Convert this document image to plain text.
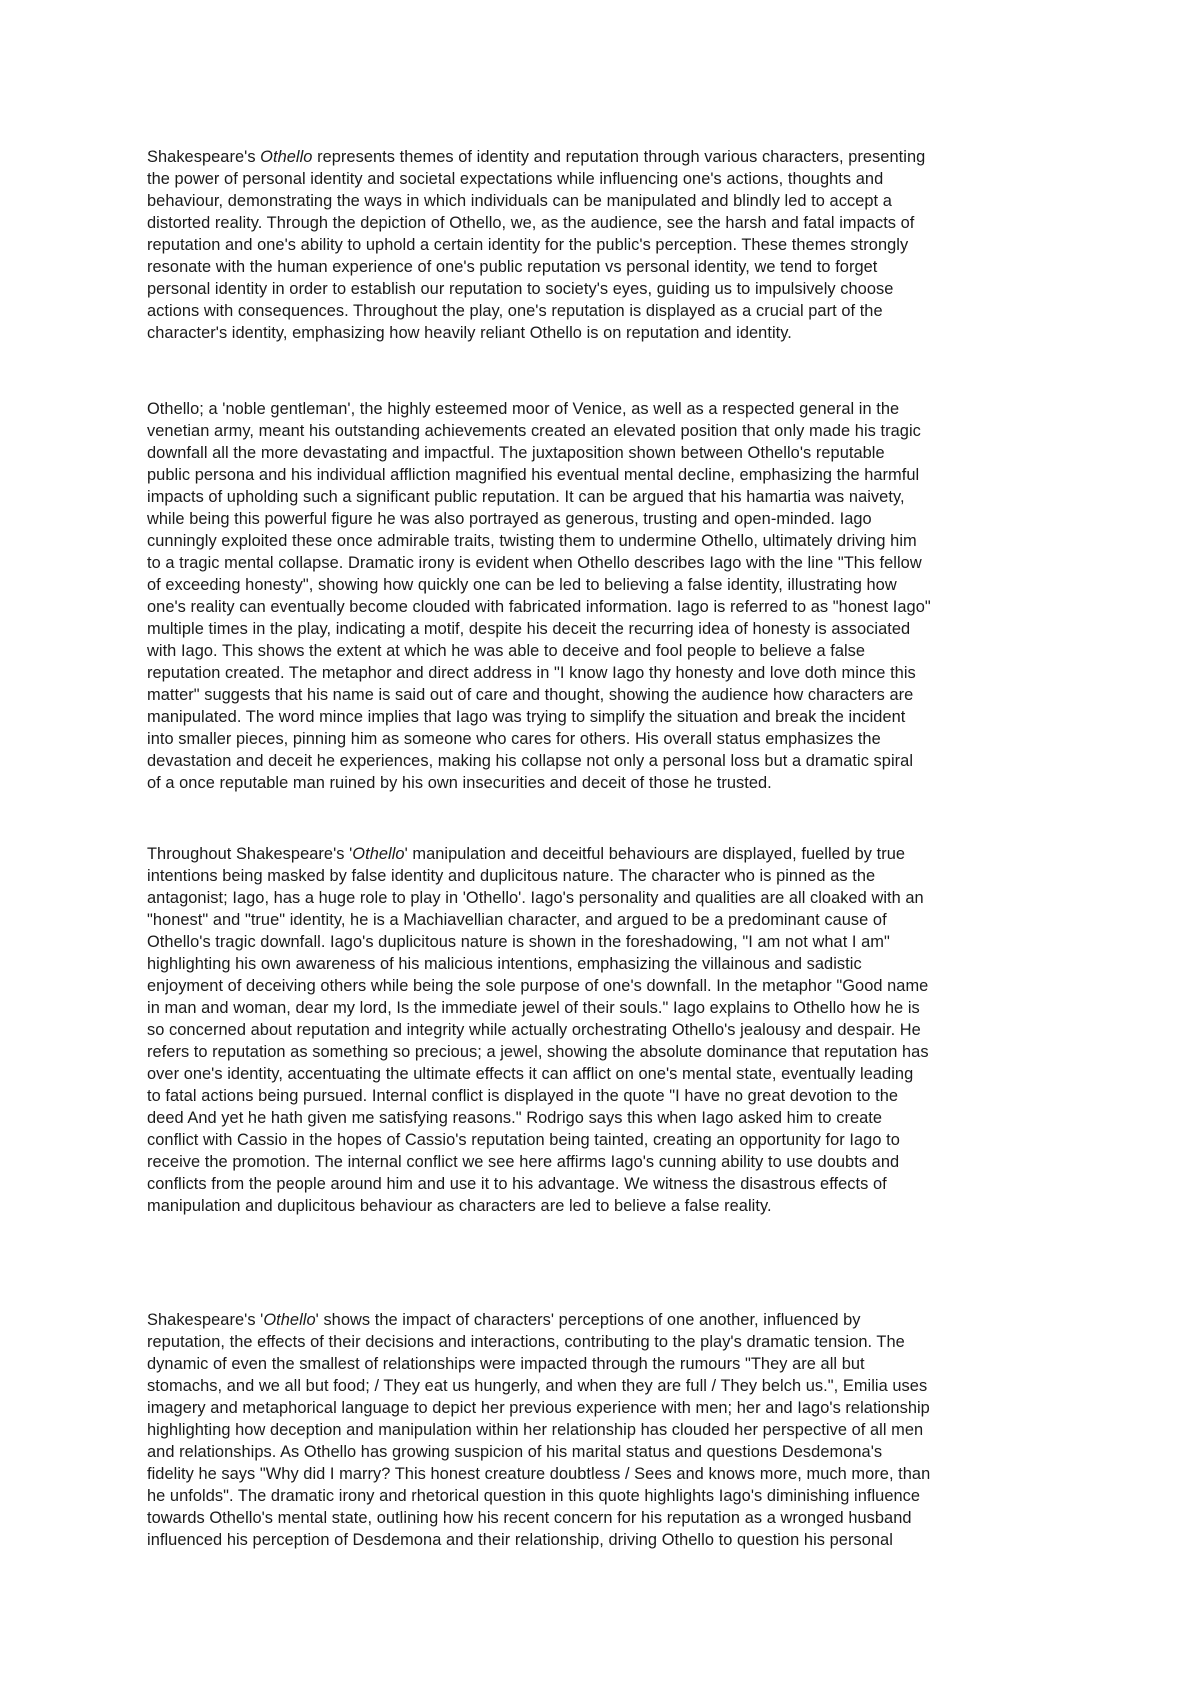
Shakespeare's Othello represents themes of identity and reputation through various characters, presenting
the power of personal identity and societal expectations while influencing one's actions, thoughts and
behaviour, demonstrating the ways in which individuals can be manipulated and blindly led to accept a
distorted reality. Through the depiction of Othello, we, as the audience, see the harsh and fatal impacts of
reputation and one's ability to uphold a certain identity for the public's perception. These themes strongly
resonate with the human experience of one's public reputation vs personal identity, we tend to forget
personal identity in order to establish our reputation to society's eyes, guiding us to impulsively choose
actions with consequences. Throughout the play, one's reputation is displayed as a crucial part of the
character's identity, emphasizing how heavily reliant Othello is on reputation and identity.

Othello; a 'noble gentleman', the highly esteemed moor of Venice, as well as a respected general in the
venetian army, meant his outstanding achievements created an elevated position that only made his tragic
downfall all the more devastating and impactful. The juxtaposition shown between Othello's reputable
public persona and his individual affliction magnified his eventual mental decline, emphasizing the harmful
impacts of upholding such a significant public reputation. It can be argued that his hamartia was naivety,
while being this powerful figure he was also portrayed as generous, trusting and open-minded. Iago
cunningly exploited these once admirable traits, twisting them to undermine Othello, ultimately driving him
to a tragic mental collapse. Dramatic irony is evident when Othello describes Iago with the line "This fellow
of exceeding honesty", showing how quickly one can be led to believing a false identity, illustrating how
one's reality can eventually become clouded with fabricated information. Iago is referred to as "honest Iago"
multiple times in the play, indicating a motif, despite his deceit the recurring idea of honesty is associated
with Iago. This shows the extent at which he was able to deceive and fool people to believe a false
reputation created. The metaphor and direct address in "I know Iago thy honesty and love doth mince this
matter" suggests that his name is said out of care and thought, showing the audience how characters are
manipulated. The word mince implies that Iago was trying to simplify the situation and break the incident
into smaller pieces, pinning him as someone who cares for others. His overall status emphasizes the
devastation and deceit he experiences, making his collapse not only a personal loss but a dramatic spiral
of a once reputable man ruined by his own insecurities and deceit of those he trusted.

Throughout Shakespeare's 'Othello' manipulation and deceitful behaviours are displayed, fuelled by true
intentions being masked by false identity and duplicitous nature. The character who is pinned as the
antagonist; Iago, has a huge role to play in 'Othello'. Iago's personality and qualities are all cloaked with an
"honest" and "true" identity, he is a Machiavellian character, and argued to be a predominant cause of
Othello's tragic downfall. Iago's duplicitous nature is shown in the foreshadowing, "I am not what I am"
highlighting his own awareness of his malicious intentions, emphasizing the villainous and sadistic
enjoyment of deceiving others while being the sole purpose of one's downfall. In the metaphor "Good name
in man and woman, dear my lord, Is the immediate jewel of their souls." Iago explains to Othello how he is
so concerned about reputation and integrity while actually orchestrating Othello's jealousy and despair. He
refers to reputation as something so precious; a jewel, showing the absolute dominance that reputation has
over one's identity, accentuating the ultimate effects it can afflict on one's mental state, eventually leading
to fatal actions being pursued. Internal conflict is displayed in the quote "I have no great devotion to the
deed And yet he hath given me satisfying reasons." Rodrigo says this when Iago asked him to create
conflict with Cassio in the hopes of Cassio's reputation being tainted, creating an opportunity for Iago to
receive the promotion. The internal conflict we see here affirms Iago's cunning ability to use doubts and
conflicts from the people around him and use it to his advantage. We witness the disastrous effects of
manipulation and duplicitous behaviour as characters are led to believe a false reality.

Shakespeare's 'Othello' shows the impact of characters' perceptions of one another, influenced by
reputation, the effects of their decisions and interactions, contributing to the play's dramatic tension. The
dynamic of even the smallest of relationships were impacted through the rumours "They are all but
stomachs, and we all but food; / They eat us hungerly, and when they are full / They belch us.", Emilia uses
imagery and metaphorical language to depict her previous experience with men; her and Iago's relationship
highlighting how deception and manipulation within her relationship has clouded her perspective of all men
and relationships. As Othello has growing suspicion of his marital status and questions Desdemona's
fidelity he says "Why did I marry? This honest creature doubtless / Sees and knows more, much more, than
he unfolds". The dramatic irony and rhetorical question in this quote highlights Iago's diminishing influence
towards Othello's mental state, outlining how his recent concern for his reputation as a wronged husband
influenced his perception of Desdemona and their relationship, driving Othello to question his personal
